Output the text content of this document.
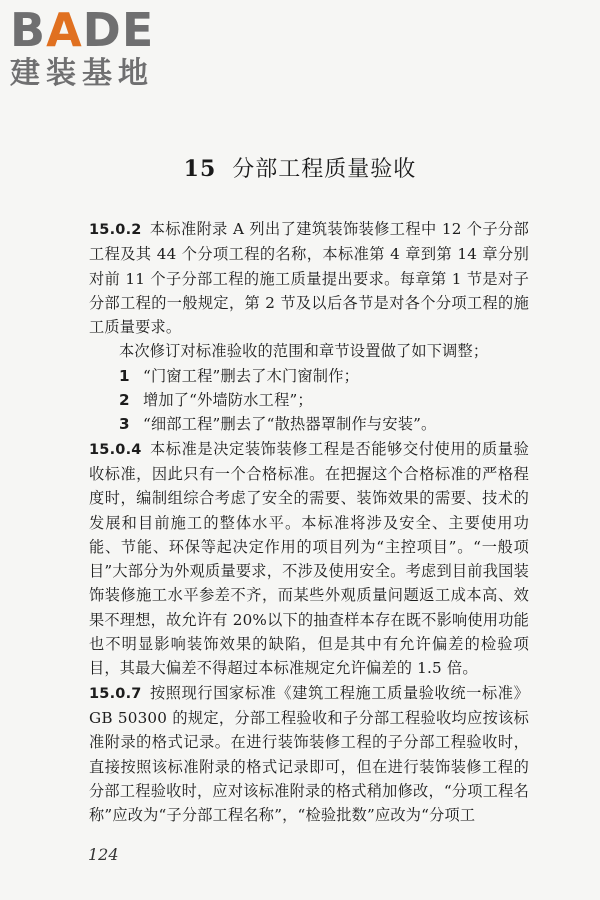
BADE
建装基地
15 分部工程质量验收

15.0.2 本标准附录 A 列出了建筑装饰装修工程中 12 个子分部工程及其 44 个分项工程的名称，本标准第 4 章到第 14 章分别对前 11 个子分部工程的施工质量提出要求。每章第 1 节是对子分部工程的一般规定，第 2 节及以后各节是对各个分项工程的施工质量要求。

本次修订对标准验收的范围和章节设置做了如下调整；

1 “门窗工程”删去了木门窗制作；

2 增加了“外墙防水工程”；

3 “细部工程”删去了“散热器罩制作与安装”。

15.0.4 本标准是决定装饰装修工程是否能够交付使用的质量验收标准，因此只有一个合格标准。在把握这个合格标准的严格程度时，编制组综合考虑了安全的需要、装饰效果的需要、技术的发展和目前施工的整体水平。本标准将涉及安全、主要使用功能、节能、环保等起决定作用的项目列为“主控项目”。“一般项目”大部分为外观质量要求，不涉及使用安全。考虑到目前我国装饰装修施工水平参差不齐，而某些外观质量问题返工成本高、效果不理想，故允许有 20%以下的抽查样本存在既不影响使用功能也不明显影响装饰效果的缺陷，但是其中有允许偏差的检验项目，其最大偏差不得超过本标准规定允许偏差的 1.5 倍。

15.0.7 按照现行国家标准《建筑工程施工质量验收统一标准》GB 50300 的规定，分部工程验收和子分部工程验收均应按该标准附录的格式记录。在进行装饰装修工程的子分部工程验收时，直接按照该标准附录的格式记录即可，但在进行装饰装修工程的分部工程验收时，应对该标准附录的格式稍加修改，“分项工程名称”应改为“子分部工程名称”，“检验批数”应改为“分项工

124
